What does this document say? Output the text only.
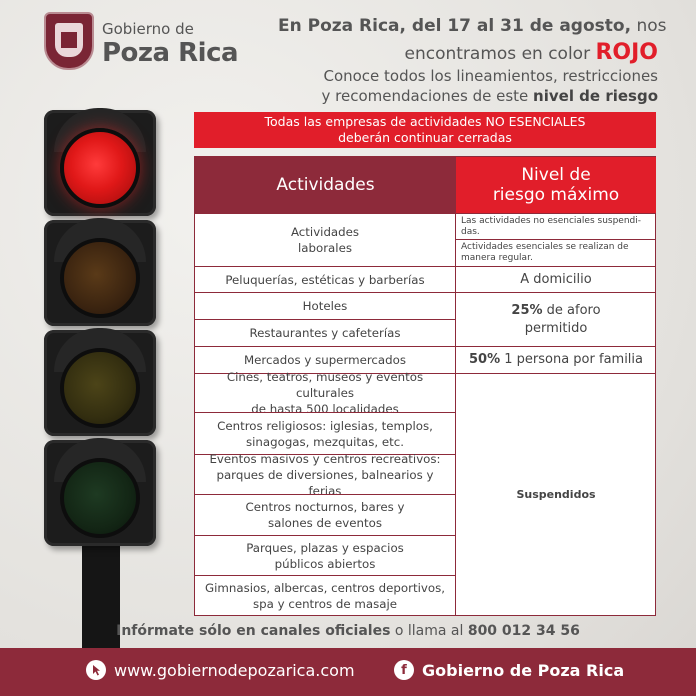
Gobierno de
Poza Rica
En Poza Rica, del 17 al 31 de agosto, nos
encontramos en color ROJO
Conoce todos los lineamientos, restricciones
y recomendaciones de este nivel de riesgo
Todas las empresas de actividades NO ESENCIALES
deberán continuar cerradas
Actividades	Nivel de
riesgo máximo
Actividades
laborales
Peluquerías, estéticas y barberías
Hoteles
Restaurantes y cafeterías
Mercados y supermercados
Cines, teatros, museos y eventos culturales
de hasta 500 localidades
Centros religiosos: iglesias, templos,
sinagogas, mezquitas, etc.
Eventos masivos y centros recreativos:
parques de diversiones, balnearios y ferias
Centros nocturnos, bares y
salones de eventos
Parques, plazas y espacios
públicos abiertos
Gimnasios, albercas, centros deportivos,
spa y centros de masaje
Las actividades no esenciales suspendi-das.
Actividades esenciales se realizan de manera regular.
A domicilio
25% de aforo
permitido
50% 1 persona por familia
Suspendidos
Infórmate sólo en canales oficiales o llama al 800 012 34 56
www.gobiernodepozarica.com	f Gobierno de Poza Rica
